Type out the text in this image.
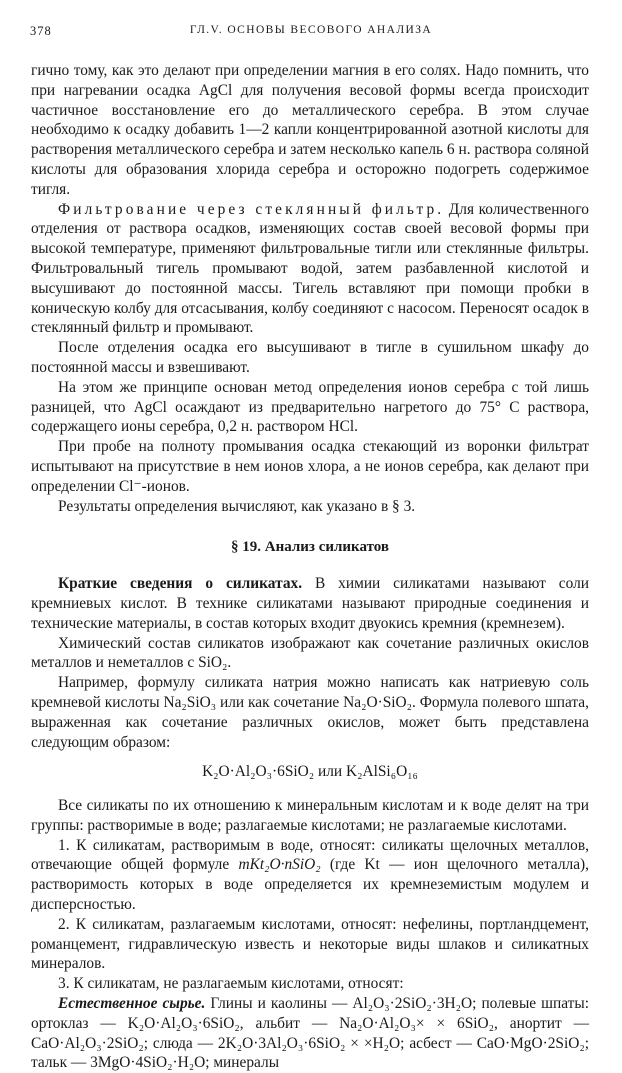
378	ГЛ.V. ОСНОВЫ ВЕСОВОГО АНАЛИЗА

гично тому, как это делают при определении магния в его солях. Надо помнить, что при нагревании осадка AgCl для получения весовой формы всегда происходит частичное восстановление его до металлического серебра. В этом случае необходимо к осадку добавить 1—2 капли концентрированной азотной кислоты для растворения металлического серебра и затем несколько капель 6 н. раствора соляной кислоты для образования хлорида серебра и осторожно подогреть содержимое тигля.

Фильтрование через стеклянный фильтр. Для количественного отделения от раствора осадков, изменяющих состав своей весовой формы при высокой температуре, применяют фильтровальные тигли или стеклянные фильтры. Фильтровальный тигель промывают водой, затем разбавленной кислотой и высушивают до постоянной массы. Тигель вставляют при помощи пробки в коническую колбу для отсасывания, колбу соединяют с насосом. Переносят осадок в стеклянный фильтр и промывают.

После отделения осадка его высушивают в тигле в сушильном шкафу до постоянной массы и взвешивают.

На этом же принципе основан метод определения ионов серебра с той лишь разницей, что AgCl осаждают из предварительно нагретого до 75° С раствора, содержащего ионы серебра, 0,2 н. раствором HCl.

При пробе на полноту промывания осадка стекающий из воронки фильтрат испытывают на присутствие в нем ионов хлора, а не ионов серебра, как делают при определении Cl⁻-ионов.

Результаты определения вычисляют, как указано в § 3.

§ 19. Анализ силикатов

Краткие сведения о силикатах. В химии силикатами называют соли кремниевых кислот. В технике силикатами называют природные соединения и технические материалы, в состав которых входит двуокись кремния (кремнезем).

Химический состав силикатов изображают как сочетание различных окислов металлов и неметаллов с SiO₂.

Например, формулу силиката натрия можно написать как натриевую соль кремневой кислоты Na₂SiO₃ или как сочетание Na₂O·SiO₂. Формула полевого шпата, выраженная как сочетание различных окислов, может быть представлена следующим образом:

K₂O·Al₂O₃·6SiO₂ или K₂AlSi₆O₁₆

Все силикаты по их отношению к минеральным кислотам и к воде делят на три группы: растворимые в воде; разлагаемые кислотами; не разлагаемые кислотами.

1. К силикатам, растворимым в воде, относят: силикаты щелочных металлов, отвечающие общей формуле mKt₂O·nSiO₂ (где Kt — ион щелочного металла), растворимость которых в воде определяется их кремнеземистым модулем и дисперсностью.

2. К силикатам, разлагаемым кислотами, относят: нефелины, портландцемент, романцемент, гидравлическую известь и некоторые виды шлаков и силикатных минералов.

3. К силикатам, не разлагаемым кислотами, относят:

Естественное сырье. Глины и каолины — Al₂O₃·2SiO₂·3H₂O; полевые шпаты: ортоклаз — K₂O·Al₂O₃·6SiO₂, альбит — Na₂O·Al₂O₃× × 6SiO₂, анортит — CaO·Al₂O₃·2SiO₂; слюда — 2K₂O·3Al₂O₃·6SiO₂ × ×H₂O; асбест — CaO·MgO·2SiO₂; тальк — 3MgO·4SiO₂·H₂O; минералы
